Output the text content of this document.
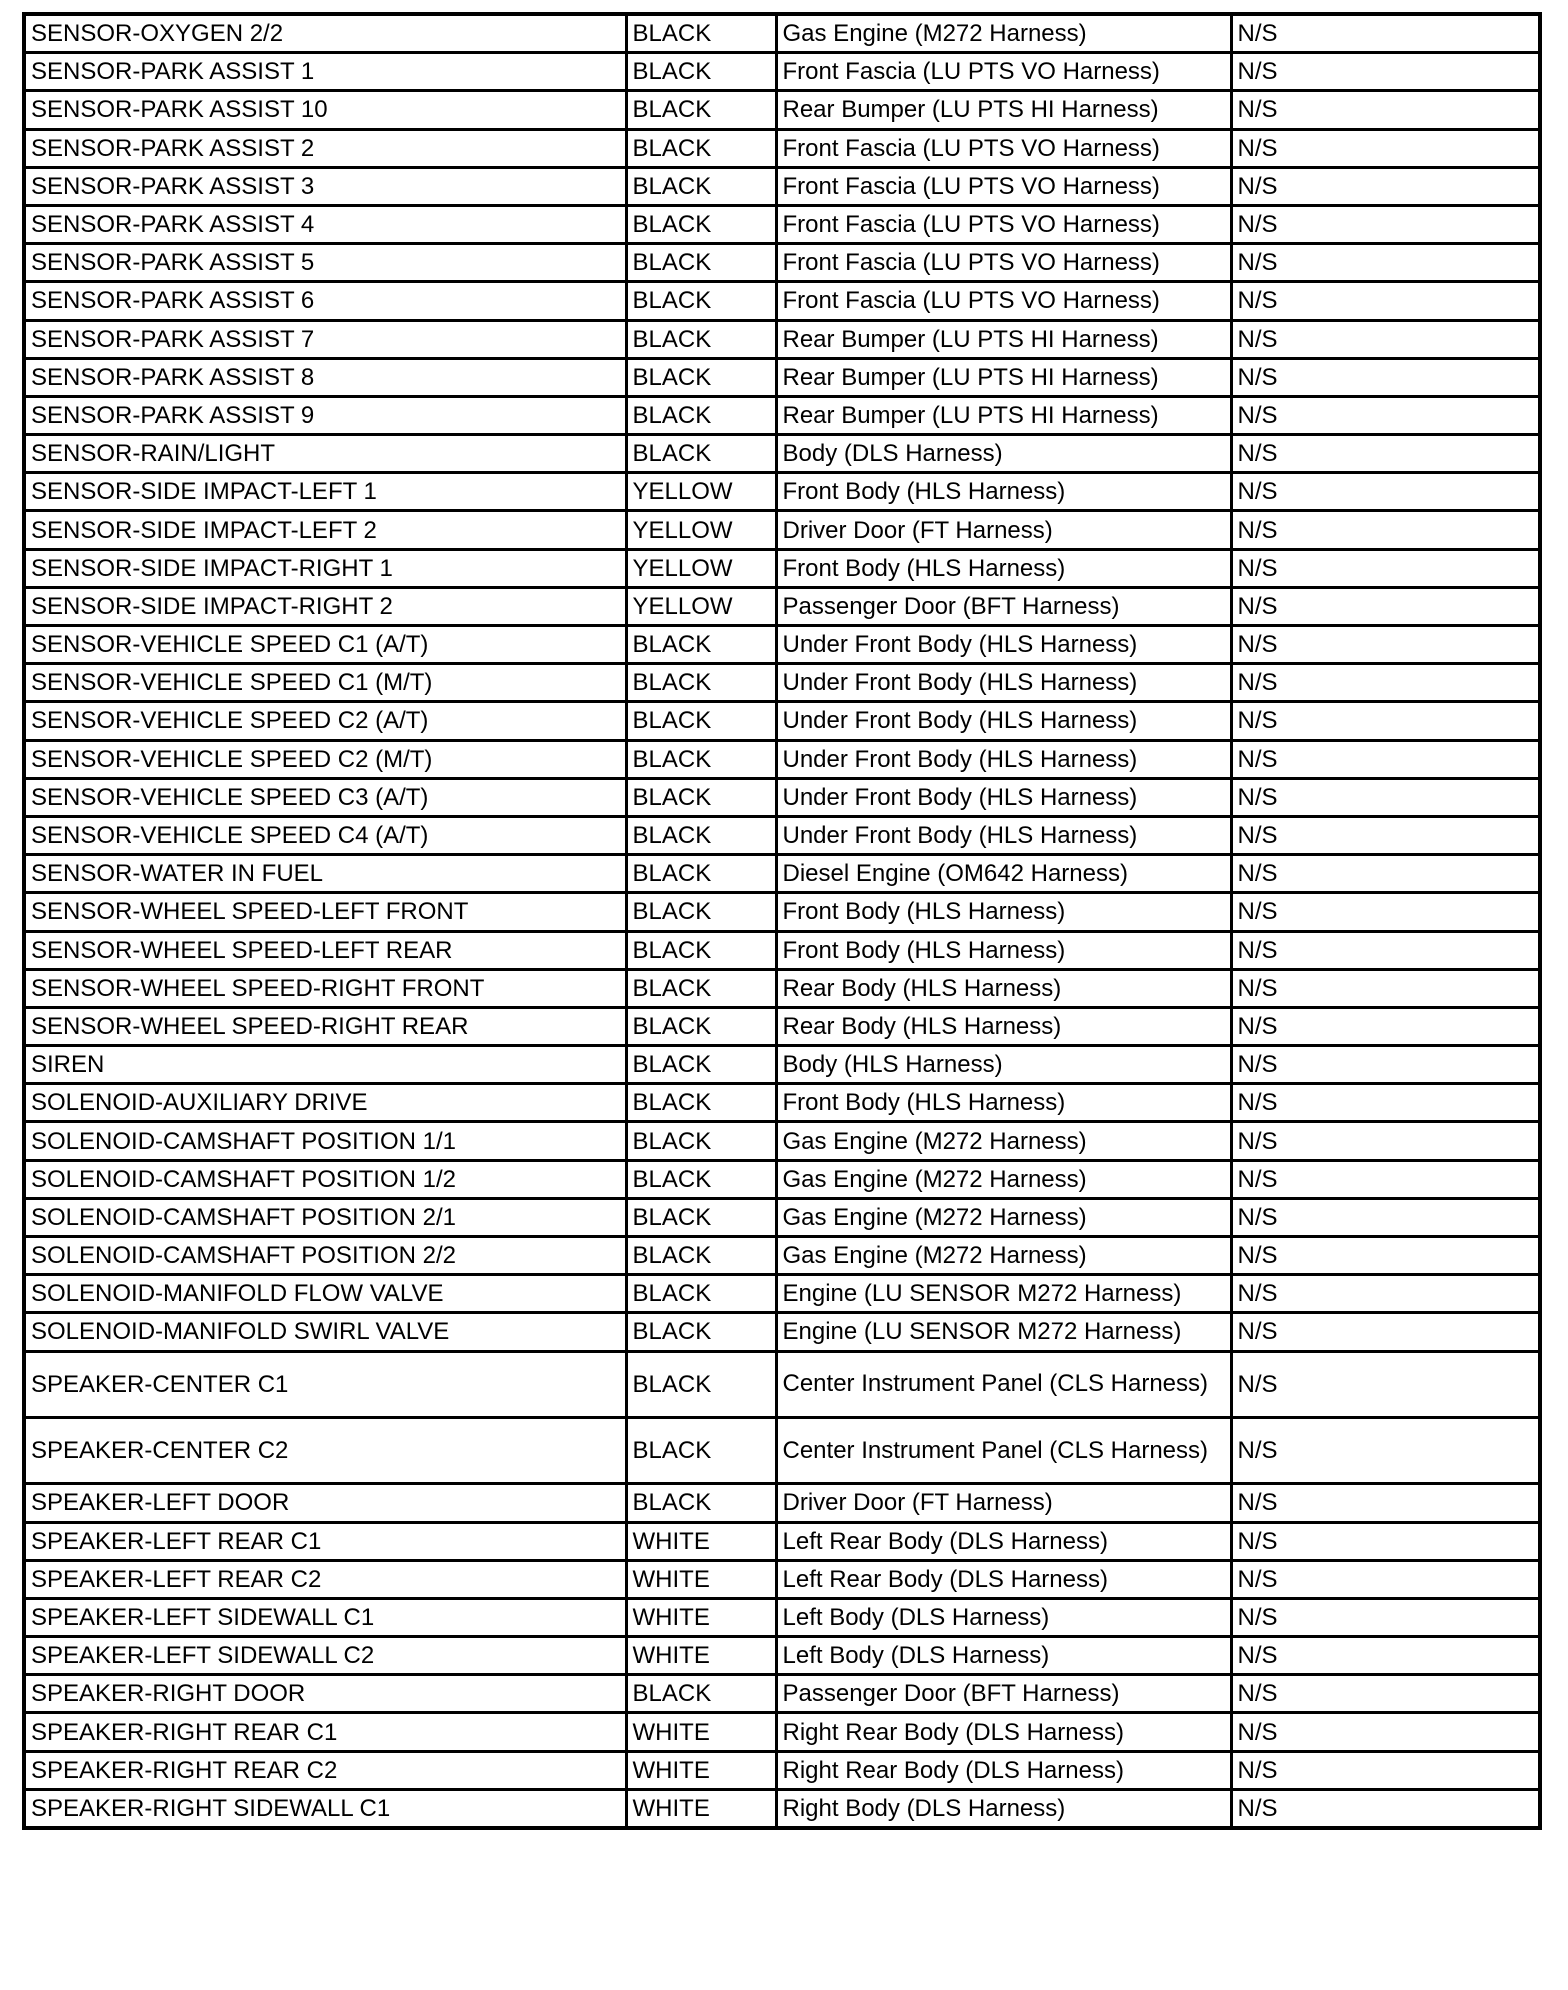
SENSOR-OXYGEN 2/2	BLACK	Gas Engine (M272 Harness)	N/S
SENSOR-PARK ASSIST 1	BLACK	Front Fascia (LU PTS VO Harness)	N/S
SENSOR-PARK ASSIST 10	BLACK	Rear Bumper (LU PTS HI Harness)	N/S
SENSOR-PARK ASSIST 2	BLACK	Front Fascia (LU PTS VO Harness)	N/S
SENSOR-PARK ASSIST 3	BLACK	Front Fascia (LU PTS VO Harness)	N/S
SENSOR-PARK ASSIST 4	BLACK	Front Fascia (LU PTS VO Harness)	N/S
SENSOR-PARK ASSIST 5	BLACK	Front Fascia (LU PTS VO Harness)	N/S
SENSOR-PARK ASSIST 6	BLACK	Front Fascia (LU PTS VO Harness)	N/S
SENSOR-PARK ASSIST 7	BLACK	Rear Bumper (LU PTS HI Harness)	N/S
SENSOR-PARK ASSIST 8	BLACK	Rear Bumper (LU PTS HI Harness)	N/S
SENSOR-PARK ASSIST 9	BLACK	Rear Bumper (LU PTS HI Harness)	N/S
SENSOR-RAIN/LIGHT	BLACK	Body (DLS Harness)	N/S
SENSOR-SIDE IMPACT-LEFT 1	YELLOW	Front Body (HLS Harness)	N/S
SENSOR-SIDE IMPACT-LEFT 2	YELLOW	Driver Door (FT Harness)	N/S
SENSOR-SIDE IMPACT-RIGHT 1	YELLOW	Front Body (HLS Harness)	N/S
SENSOR-SIDE IMPACT-RIGHT 2	YELLOW	Passenger Door (BFT Harness)	N/S
SENSOR-VEHICLE SPEED C1 (A/T)	BLACK	Under Front Body (HLS Harness)	N/S
SENSOR-VEHICLE SPEED C1 (M/T)	BLACK	Under Front Body (HLS Harness)	N/S
SENSOR-VEHICLE SPEED C2 (A/T)	BLACK	Under Front Body (HLS Harness)	N/S
SENSOR-VEHICLE SPEED C2 (M/T)	BLACK	Under Front Body (HLS Harness)	N/S
SENSOR-VEHICLE SPEED C3 (A/T)	BLACK	Under Front Body (HLS Harness)	N/S
SENSOR-VEHICLE SPEED C4 (A/T)	BLACK	Under Front Body (HLS Harness)	N/S
SENSOR-WATER IN FUEL	BLACK	Diesel Engine (OM642 Harness)	N/S
SENSOR-WHEEL SPEED-LEFT FRONT	BLACK	Front Body (HLS Harness)	N/S
SENSOR-WHEEL SPEED-LEFT REAR	BLACK	Front Body (HLS Harness)	N/S
SENSOR-WHEEL SPEED-RIGHT FRONT	BLACK	Rear Body (HLS Harness)	N/S
SENSOR-WHEEL SPEED-RIGHT REAR	BLACK	Rear Body (HLS Harness)	N/S
SIREN	BLACK	Body (HLS Harness)	N/S
SOLENOID-AUXILIARY DRIVE	BLACK	Front Body (HLS Harness)	N/S
SOLENOID-CAMSHAFT POSITION 1/1	BLACK	Gas Engine (M272 Harness)	N/S
SOLENOID-CAMSHAFT POSITION 1/2	BLACK	Gas Engine (M272 Harness)	N/S
SOLENOID-CAMSHAFT POSITION 2/1	BLACK	Gas Engine (M272 Harness)	N/S
SOLENOID-CAMSHAFT POSITION 2/2	BLACK	Gas Engine (M272 Harness)	N/S
SOLENOID-MANIFOLD FLOW VALVE	BLACK	Engine (LU SENSOR M272 Harness)	N/S
SOLENOID-MANIFOLD SWIRL VALVE	BLACK	Engine (LU SENSOR M272 Harness)	N/S
SPEAKER-CENTER C1	BLACK	Center Instrument Panel (CLS Harness)	N/S
SPEAKER-CENTER C2	BLACK	Center Instrument Panel (CLS Harness)	N/S
SPEAKER-LEFT DOOR	BLACK	Driver Door (FT Harness)	N/S
SPEAKER-LEFT REAR C1	WHITE	Left Rear Body (DLS Harness)	N/S
SPEAKER-LEFT REAR C2	WHITE	Left Rear Body (DLS Harness)	N/S
SPEAKER-LEFT SIDEWALL C1	WHITE	Left Body (DLS Harness)	N/S
SPEAKER-LEFT SIDEWALL C2	WHITE	Left Body (DLS Harness)	N/S
SPEAKER-RIGHT DOOR	BLACK	Passenger Door (BFT Harness)	N/S
SPEAKER-RIGHT REAR C1	WHITE	Right Rear Body (DLS Harness)	N/S
SPEAKER-RIGHT REAR C2	WHITE	Right Rear Body (DLS Harness)	N/S
SPEAKER-RIGHT SIDEWALL C1	WHITE	Right Body (DLS Harness)	N/S
